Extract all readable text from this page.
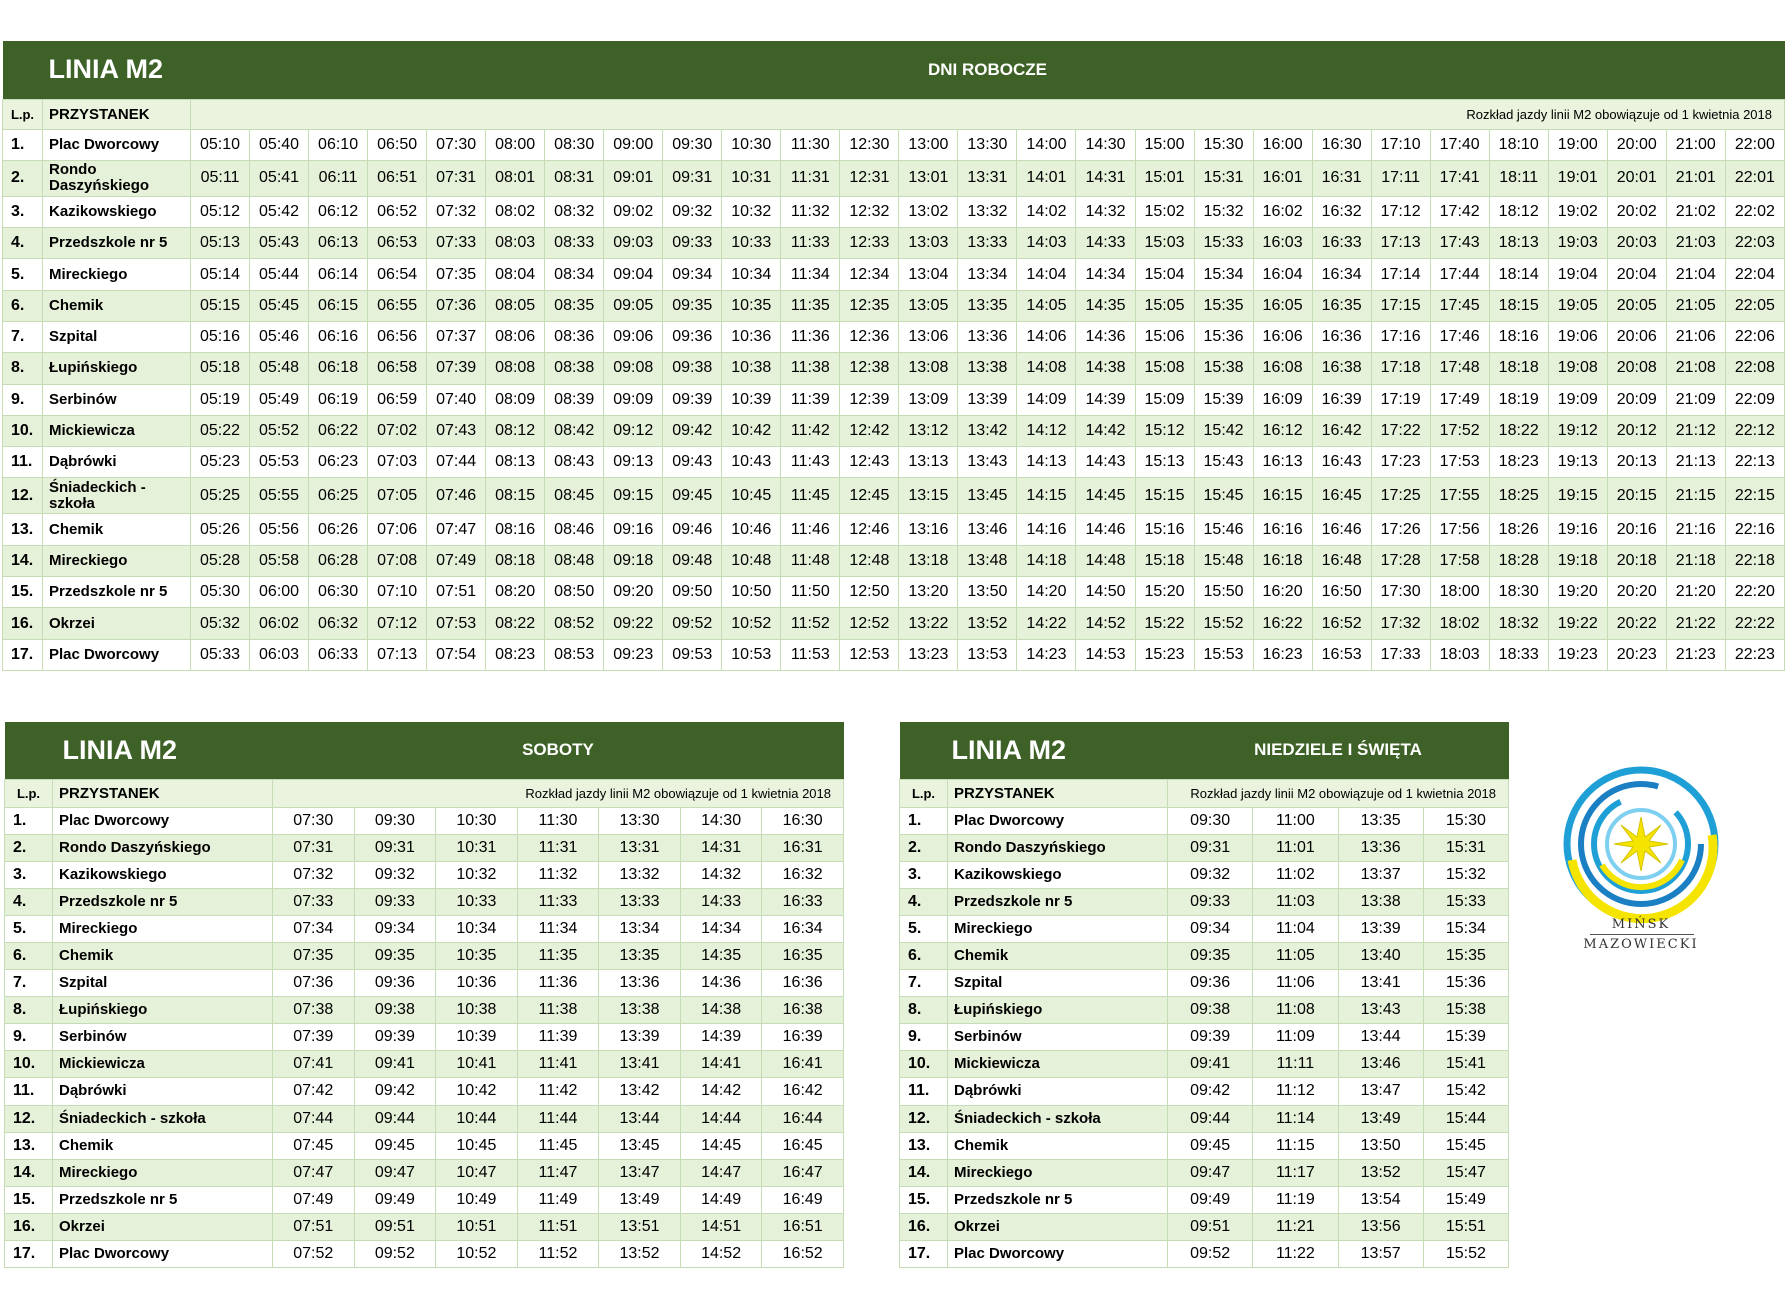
LINIA M2		DNI ROBOCZE																										
L.p.	PRZYSTANEK	Rozkład jazdy linii M2 obowiązuje od 1 kwietnia 2018																										
1.	Plac Dworcowy	05:10	05:40	06:10	06:50	07:30	08:00	08:30	09:00	09:30	10:30	11:30	12:30	13:00	13:30	14:00	14:30	15:00	15:30	16:00	16:30	17:10	17:40	18:10	19:00	20:00	21:00	22:00
2.	Rondo Daszyńskiego	05:11	05:41	06:11	06:51	07:31	08:01	08:31	09:01	09:31	10:31	11:31	12:31	13:01	13:31	14:01	14:31	15:01	15:31	16:01	16:31	17:11	17:41	18:11	19:01	20:01	21:01	22:01
3.	Kazikowskiego	05:12	05:42	06:12	06:52	07:32	08:02	08:32	09:02	09:32	10:32	11:32	12:32	13:02	13:32	14:02	14:32	15:02	15:32	16:02	16:32	17:12	17:42	18:12	19:02	20:02	21:02	22:02
4.	Przedszkole nr 5	05:13	05:43	06:13	06:53	07:33	08:03	08:33	09:03	09:33	10:33	11:33	12:33	13:03	13:33	14:03	14:33	15:03	15:33	16:03	16:33	17:13	17:43	18:13	19:03	20:03	21:03	22:03
5.	Mireckiego	05:14	05:44	06:14	06:54	07:35	08:04	08:34	09:04	09:34	10:34	11:34	12:34	13:04	13:34	14:04	14:34	15:04	15:34	16:04	16:34	17:14	17:44	18:14	19:04	20:04	21:04	22:04
6.	Chemik	05:15	05:45	06:15	06:55	07:36	08:05	08:35	09:05	09:35	10:35	11:35	12:35	13:05	13:35	14:05	14:35	15:05	15:35	16:05	16:35	17:15	17:45	18:15	19:05	20:05	21:05	22:05
7.	Szpital	05:16	05:46	06:16	06:56	07:37	08:06	08:36	09:06	09:36	10:36	11:36	12:36	13:06	13:36	14:06	14:36	15:06	15:36	16:06	16:36	17:16	17:46	18:16	19:06	20:06	21:06	22:06
8.	Łupińskiego	05:18	05:48	06:18	06:58	07:39	08:08	08:38	09:08	09:38	10:38	11:38	12:38	13:08	13:38	14:08	14:38	15:08	15:38	16:08	16:38	17:18	17:48	18:18	19:08	20:08	21:08	22:08
9.	Serbinów	05:19	05:49	06:19	06:59	07:40	08:09	08:39	09:09	09:39	10:39	11:39	12:39	13:09	13:39	14:09	14:39	15:09	15:39	16:09	16:39	17:19	17:49	18:19	19:09	20:09	21:09	22:09
10.	Mickiewicza	05:22	05:52	06:22	07:02	07:43	08:12	08:42	09:12	09:42	10:42	11:42	12:42	13:12	13:42	14:12	14:42	15:12	15:42	16:12	16:42	17:22	17:52	18:22	19:12	20:12	21:12	22:12
11.	Dąbrówki	05:23	05:53	06:23	07:03	07:44	08:13	08:43	09:13	09:43	10:43	11:43	12:43	13:13	13:43	14:13	14:43	15:13	15:43	16:13	16:43	17:23	17:53	18:23	19:13	20:13	21:13	22:13
12.	Śniadeckich - szkoła	05:25	05:55	06:25	07:05	07:46	08:15	08:45	09:15	09:45	10:45	11:45	12:45	13:15	13:45	14:15	14:45	15:15	15:45	16:15	16:45	17:25	17:55	18:25	19:15	20:15	21:15	22:15
13.	Chemik	05:26	05:56	06:26	07:06	07:47	08:16	08:46	09:16	09:46	10:46	11:46	12:46	13:16	13:46	14:16	14:46	15:16	15:46	16:16	16:46	17:26	17:56	18:26	19:16	20:16	21:16	22:16
14.	Mireckiego	05:28	05:58	06:28	07:08	07:49	08:18	08:48	09:18	09:48	10:48	11:48	12:48	13:18	13:48	14:18	14:48	15:18	15:48	16:18	16:48	17:28	17:58	18:28	19:18	20:18	21:18	22:18
15.	Przedszkole nr 5	05:30	06:00	06:30	07:10	07:51	08:20	08:50	09:20	09:50	10:50	11:50	12:50	13:20	13:50	14:20	14:50	15:20	15:50	16:20	16:50	17:30	18:00	18:30	19:20	20:20	21:20	22:20
16.	Okrzei	05:32	06:02	06:32	07:12	07:53	08:22	08:52	09:22	09:52	10:52	11:52	12:52	13:22	13:52	14:22	14:52	15:22	15:52	16:22	16:52	17:32	18:02	18:32	19:22	20:22	21:22	22:22
17.	Plac Dworcowy	05:33	06:03	06:33	07:13	07:54	08:23	08:53	09:23	09:53	10:53	11:53	12:53	13:23	13:53	14:23	14:53	15:23	15:53	16:23	16:53	17:33	18:03	18:33	19:23	20:23	21:23	22:23
LINIA M2		SOBOTY						
L.p.	PRZYSTANEK	Rozkład jazdy linii M2 obowiązuje od 1 kwietnia 2018						
1.	Plac Dworcowy	07:30	09:30	10:30	11:30	13:30	14:30	16:30
2.	Rondo Daszyńskiego	07:31	09:31	10:31	11:31	13:31	14:31	16:31
3.	Kazikowskiego	07:32	09:32	10:32	11:32	13:32	14:32	16:32
4.	Przedszkole nr 5	07:33	09:33	10:33	11:33	13:33	14:33	16:33
5.	Mireckiego	07:34	09:34	10:34	11:34	13:34	14:34	16:34
6.	Chemik	07:35	09:35	10:35	11:35	13:35	14:35	16:35
7.	Szpital	07:36	09:36	10:36	11:36	13:36	14:36	16:36
8.	Łupińskiego	07:38	09:38	10:38	11:38	13:38	14:38	16:38
9.	Serbinów	07:39	09:39	10:39	11:39	13:39	14:39	16:39
10.	Mickiewicza	07:41	09:41	10:41	11:41	13:41	14:41	16:41
11.	Dąbrówki	07:42	09:42	10:42	11:42	13:42	14:42	16:42
12.	Śniadeckich - szkoła	07:44	09:44	10:44	11:44	13:44	14:44	16:44
13.	Chemik	07:45	09:45	10:45	11:45	13:45	14:45	16:45
14.	Mireckiego	07:47	09:47	10:47	11:47	13:47	14:47	16:47
15.	Przedszkole nr 5	07:49	09:49	10:49	11:49	13:49	14:49	16:49
16.	Okrzei	07:51	09:51	10:51	11:51	13:51	14:51	16:51
17.	Plac Dworcowy	07:52	09:52	10:52	11:52	13:52	14:52	16:52
LINIA M2		NIEDZIELE I ŚWIĘTA			
L.p.	PRZYSTANEK	Rozkład jazdy linii M2 obowiązuje od 1 kwietnia 2018			
1.	Plac Dworcowy	09:30	11:00	13:35	15:30
2.	Rondo Daszyńskiego	09:31	11:01	13:36	15:31
3.	Kazikowskiego	09:32	11:02	13:37	15:32
4.	Przedszkole nr 5	09:33	11:03	13:38	15:33
5.	Mireckiego	09:34	11:04	13:39	15:34
6.	Chemik	09:35	11:05	13:40	15:35
7.	Szpital	09:36	11:06	13:41	15:36
8.	Łupińskiego	09:38	11:08	13:43	15:38
9.	Serbinów	09:39	11:09	13:44	15:39
10.	Mickiewicza	09:41	11:11	13:46	15:41
11.	Dąbrówki	09:42	11:12	13:47	15:42
12.	Śniadeckich - szkoła	09:44	11:14	13:49	15:44
13.	Chemik	09:45	11:15	13:50	15:45
14.	Mireckiego	09:47	11:17	13:52	15:47
15.	Przedszkole nr 5	09:49	11:19	13:54	15:49
16.	Okrzei	09:51	11:21	13:56	15:51
17.	Plac Dworcowy	09:52	11:22	13:57	15:52
MIŃSK
MAZOWIECKI
